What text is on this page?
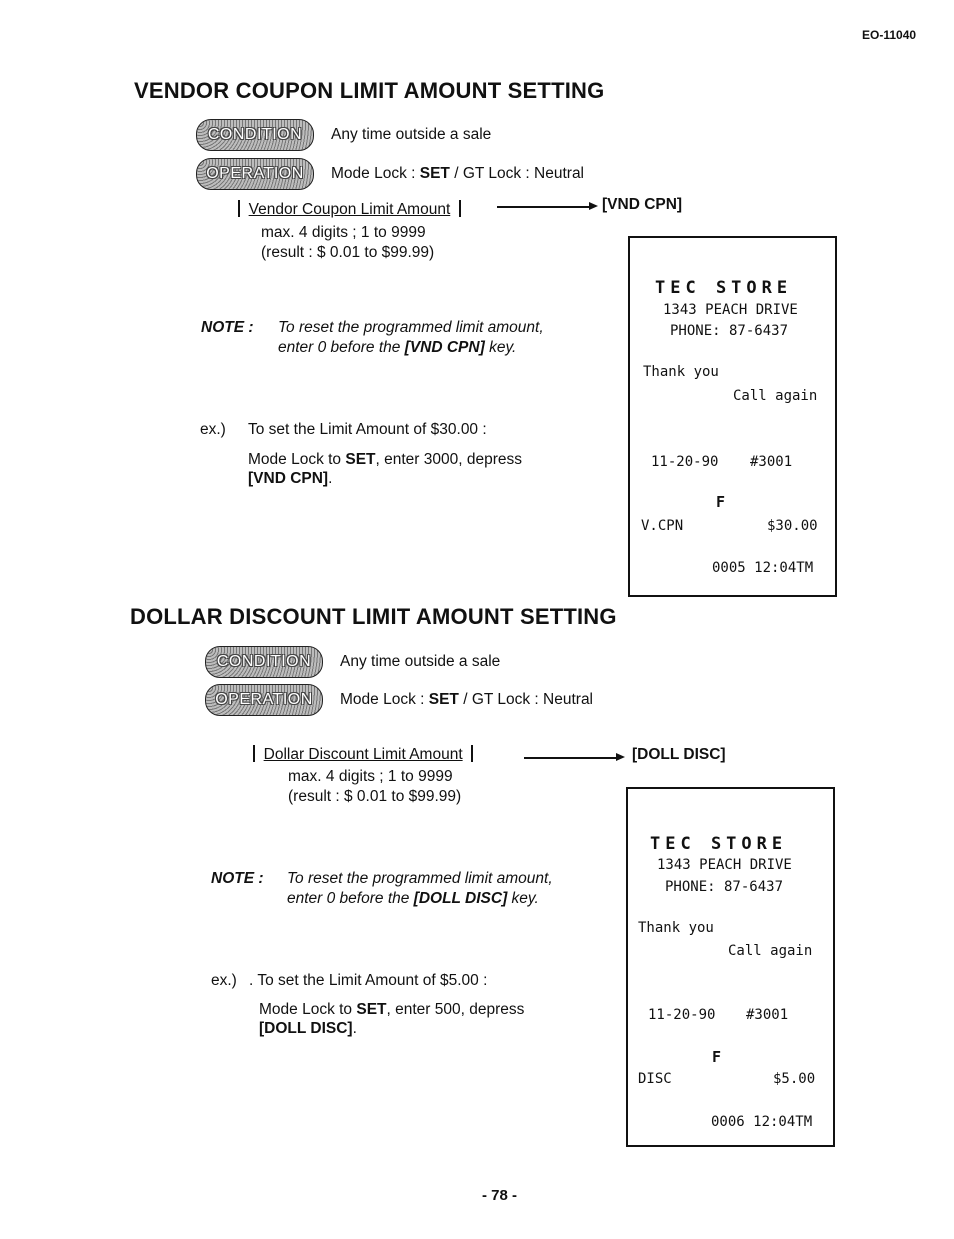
EO-11040
VENDOR COUPON LIMIT AMOUNT SETTING
CONDITION	Any time outside a sale
OPERATION	Mode Lock : SET / GT Lock : Neutral
Vendor Coupon Limit Amount	[VND CPN]
max. 4 digits ; 1 to 9999
(result : $ 0.01 to $99.99)
NOTE : To reset the programmed limit amount,
enter 0 before the [VND CPN] key.
ex.) To set the Limit Amount of $30.00 :
Mode Lock to SET, enter 3000, depress
[VND CPN].
TEC STORE
1343 PEACH DRIVE
PHONE: 87-6437
Thank you
Call again
11-20-90 #3001
F
V.CPN	$30.00
0005 12:04TM
DOLLAR DISCOUNT LIMIT AMOUNT SETTING
CONDITION	Any time outside a sale
OPERATION	Mode Lock : SET / GT Lock : Neutral
Dollar Discount Limit Amount	[DOLL DISC]
max. 4 digits ; 1 to 9999
(result : $ 0.01 to $99.99)
NOTE : To reset the programmed limit amount,
enter 0 before the [DOLL DISC] key.
ex.) . To set the Limit Amount of $5.00 :
Mode Lock to SET, enter 500, depress
[DOLL DISC].
TEC STORE
1343 PEACH DRIVE
PHONE: 87-6437
Thank you
Call again
11-20-90 #3001
F
DISC	$5.00
0006 12:04TM
- 78 -
